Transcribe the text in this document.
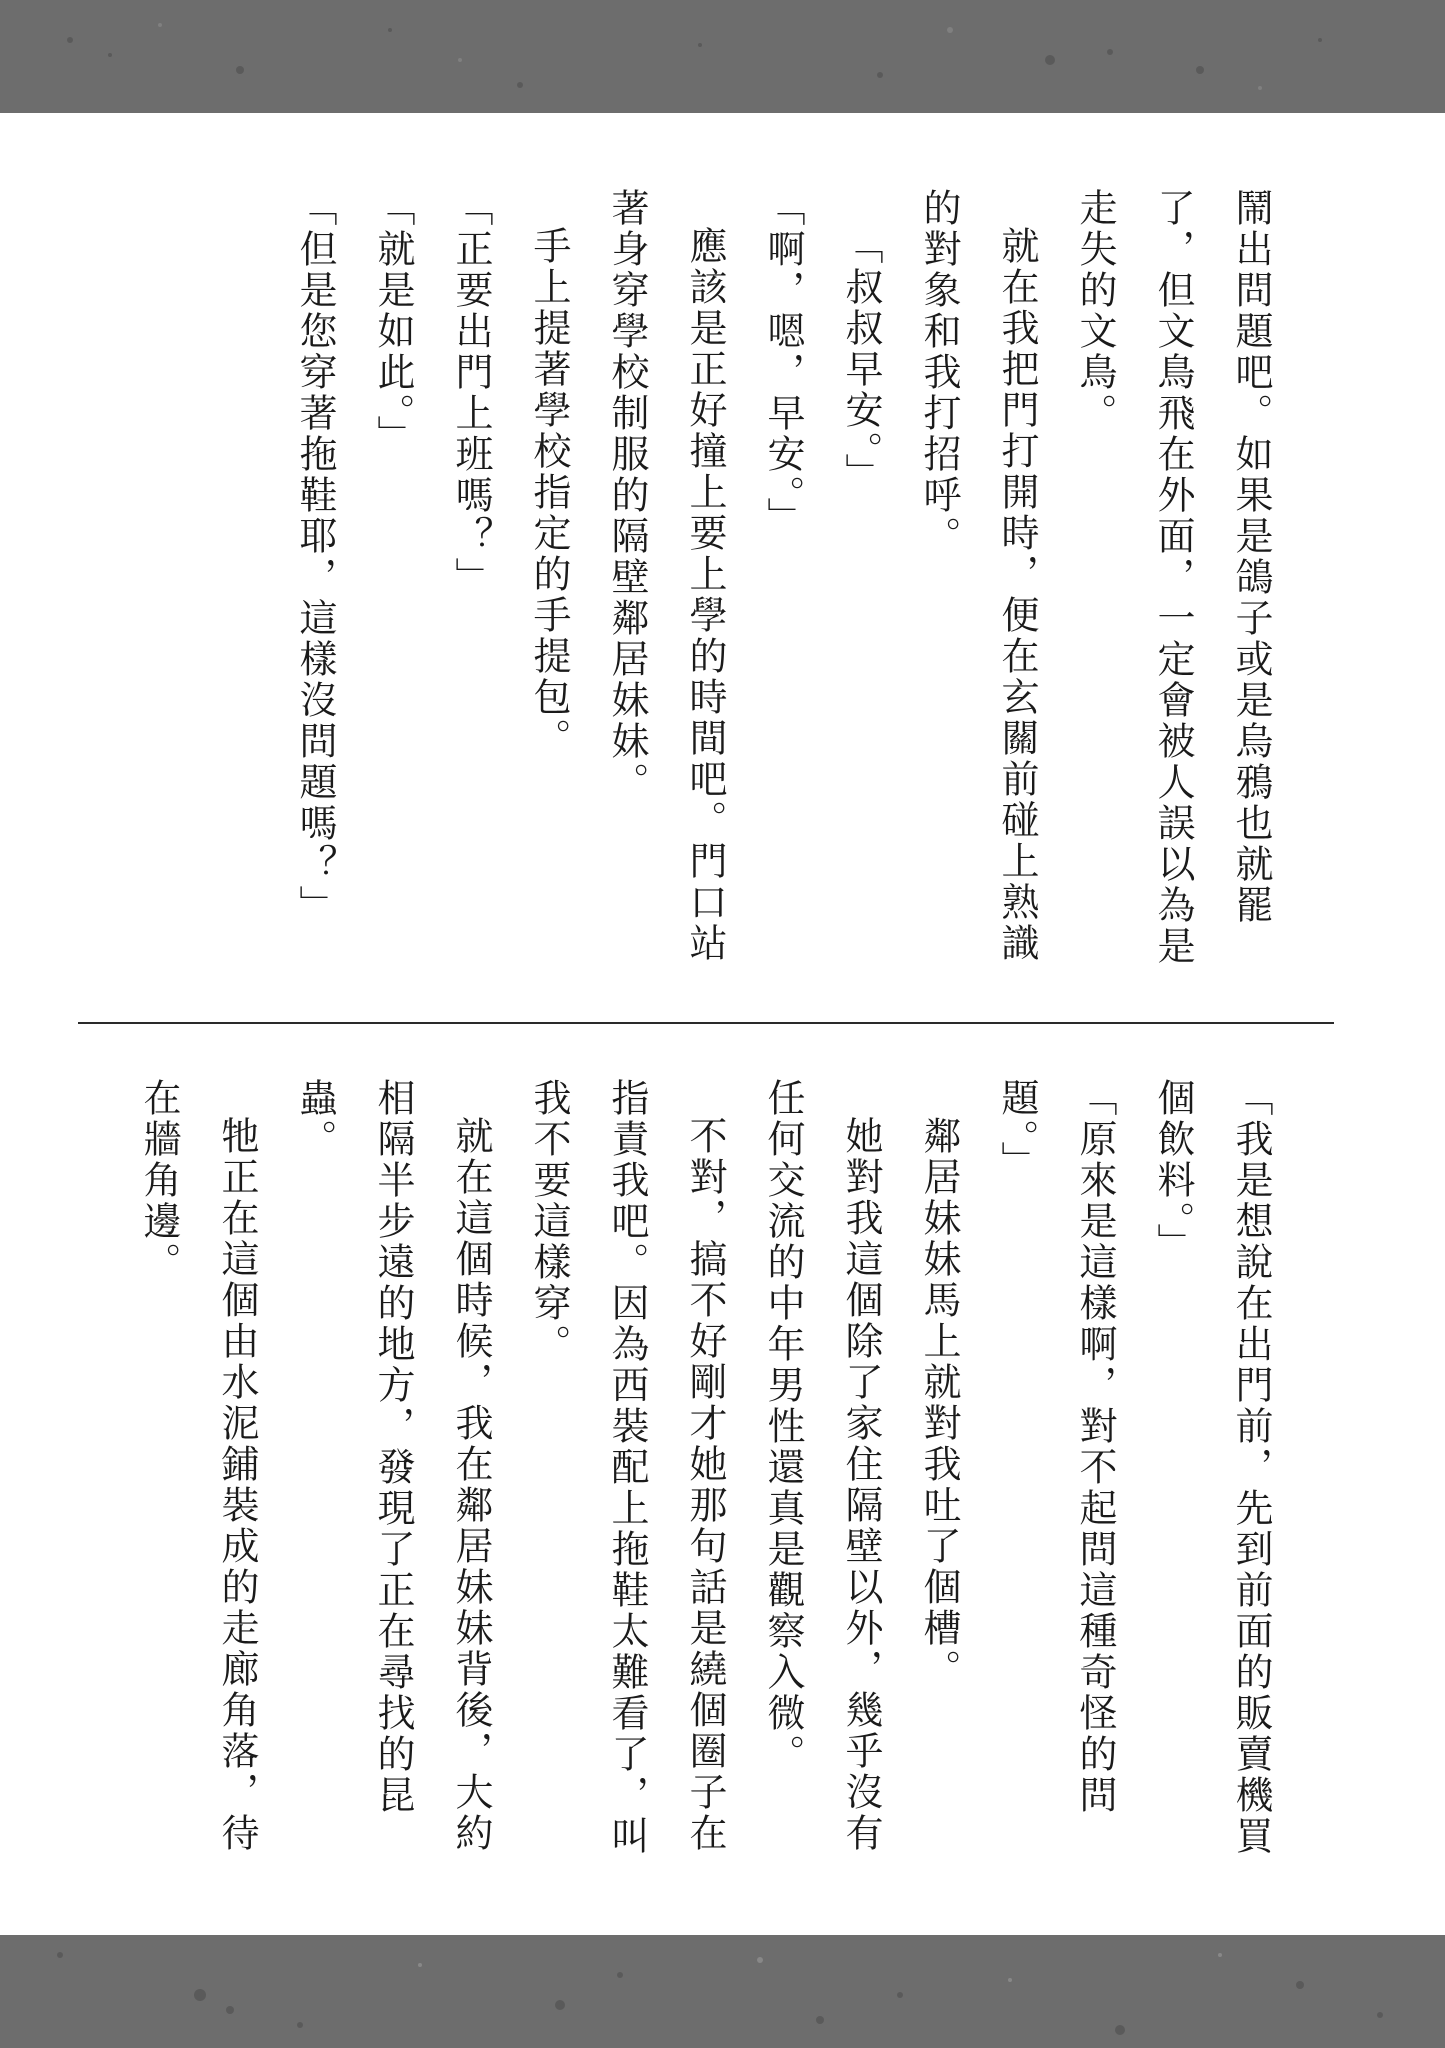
鬧出問題吧。如果是鴿子或是烏鴉也就罷了，但文鳥飛在外面，一定會被人誤以為是走失的文鳥。

就在我把門打開時，便在玄關前碰上熟識的對象和我打招呼。

「叔叔早安。」

「啊，嗯，早安。」

應該是正好撞上要上學的時間吧。門口站著身穿學校制服的隔壁鄰居妹妹。

手上提著學校指定的手提包。

「正要出門上班嗎？」

「就是如此。」

「但是您穿著拖鞋耶，這樣沒問題嗎？」

「我是想說在出門前，先到前面的販賣機買個飲料。」

「原來是這樣啊，對不起問這種奇怪的問題。」

鄰居妹妹馬上就對我吐了個槽。

她對我這個除了家住隔壁以外，幾乎沒有任何交流的中年男性還真是觀察入微。

不對，搞不好剛才她那句話是繞個圈子在指責我吧。因為西裝配上拖鞋太難看了，叫我不要這樣穿。

就在這個時候，我在鄰居妹妹背後，大約相隔半步遠的地方，發現了正在尋找的昆蟲。

牠正在這個由水泥鋪裝成的走廊角落，待在牆角邊。
